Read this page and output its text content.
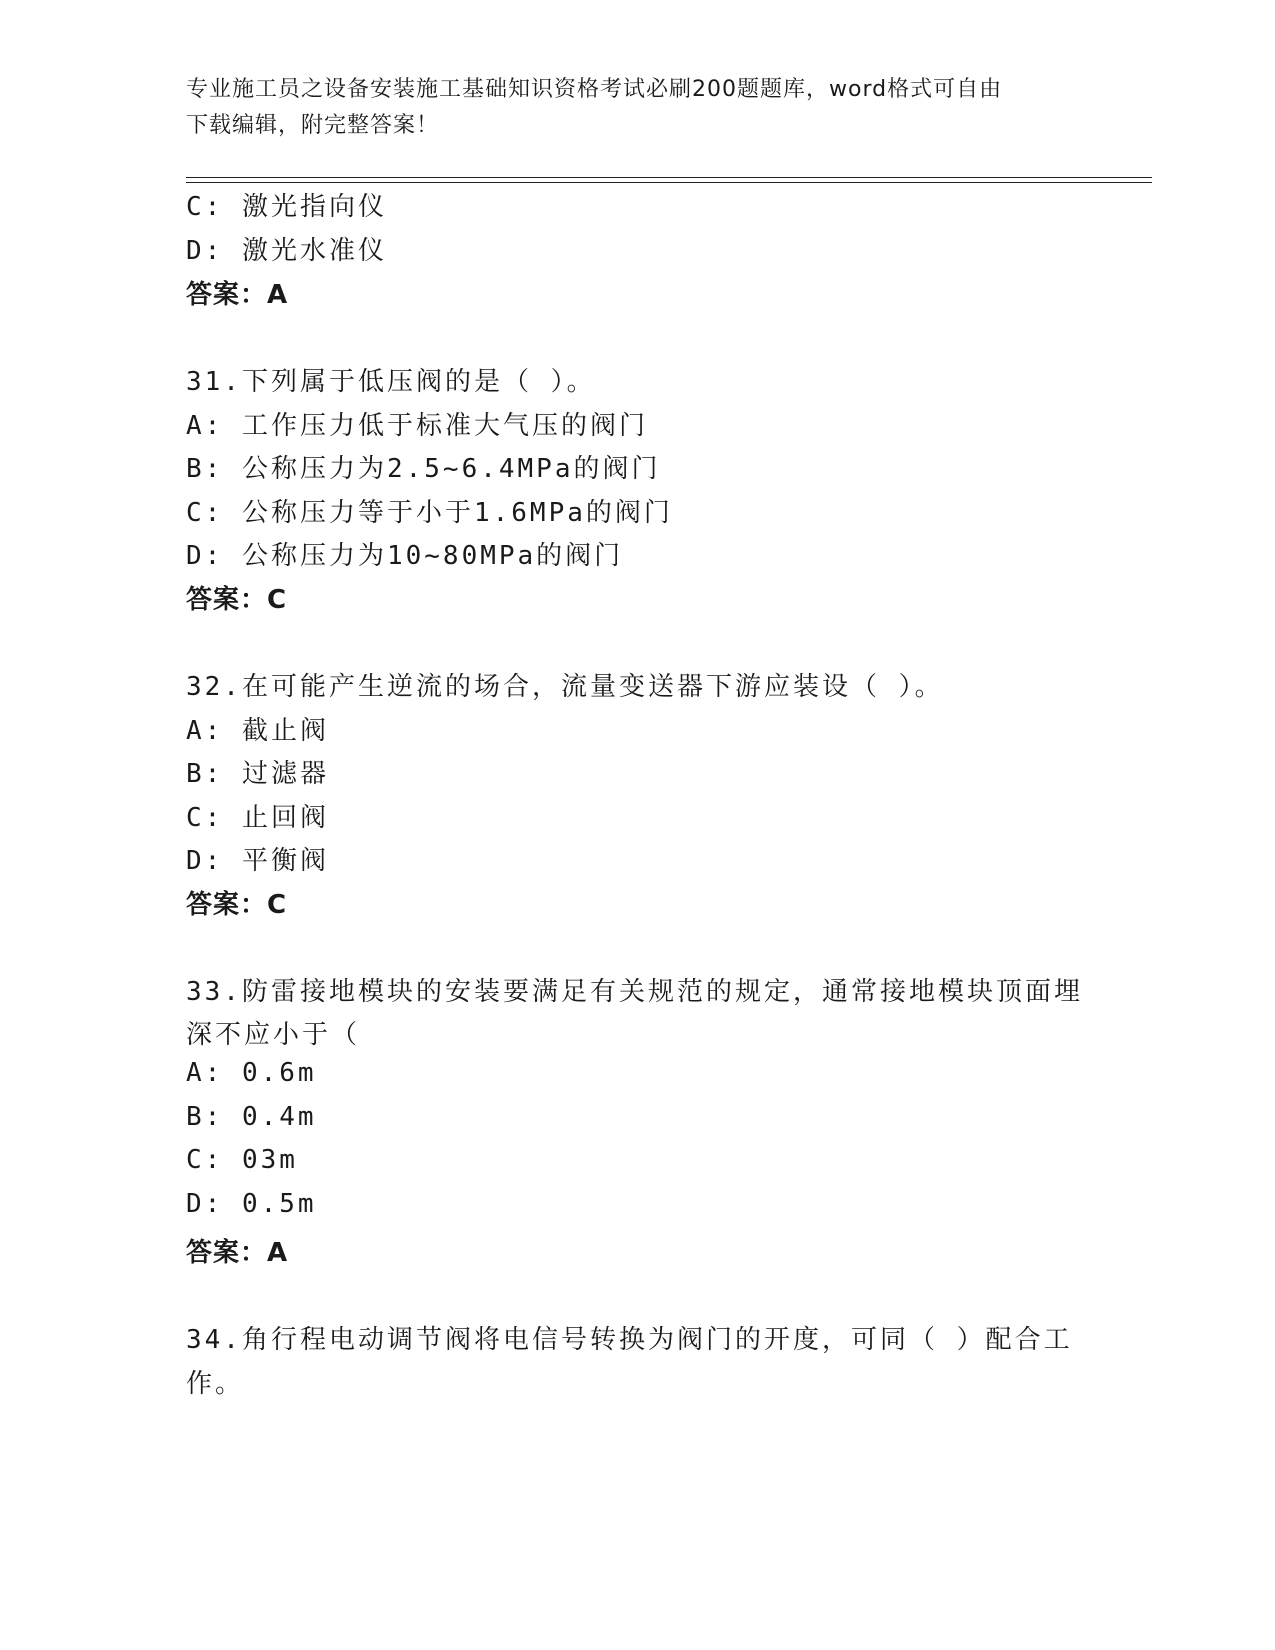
专业施工员之设备安装施工基础知识资格考试必刷200题题库，word格式可自由
下载编辑，附完整答案！
C: 激光指向仪
D: 激光水准仪
答案：A
31.下列属于低压阀的是（ ）。
A: 工作压力低于标准大气压的阀门
B: 公称压力为2.5~6.4MPa的阀门
C: 公称压力等于小于1.6MPa的阀门
D: 公称压力为10~80MPa的阀门
答案：C
32.在可能产生逆流的场合，流量变送器下游应装设（ ）。
A: 截止阀
B: 过滤器
C: 止回阀
D: 平衡阀
答案：C
33.防雷接地模块的安装要满足有关规范的规定，通常接地模块顶面埋
深不应小于（
A: 0.6m
B: 0.4m
C: 03m
D: 0.5m
答案：A
34.角行程电动调节阀将电信号转换为阀门的开度，可同（ ）配合工
作。
